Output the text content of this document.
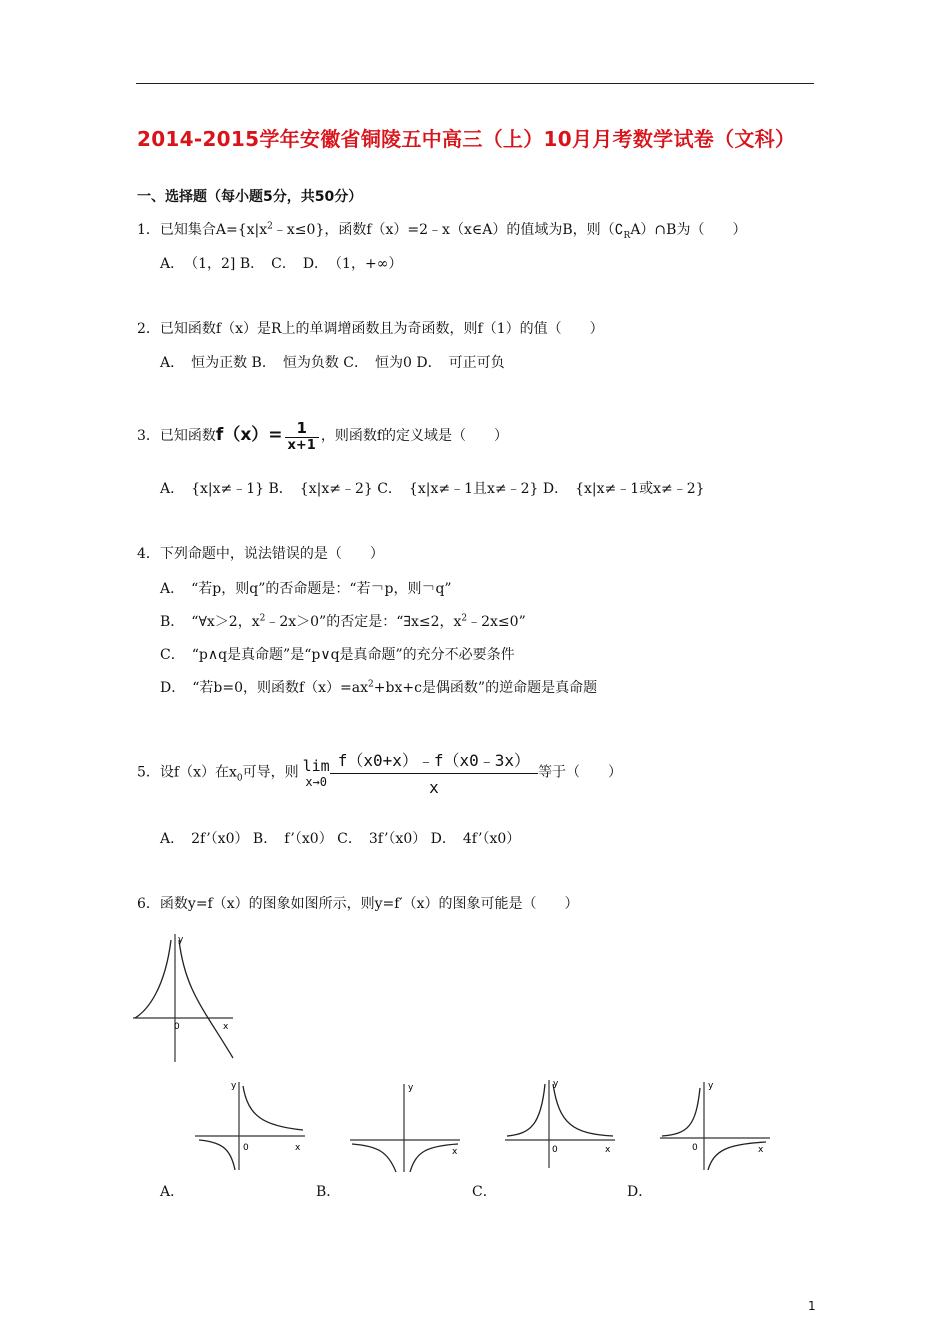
2014-2015学年安徽省铜陵五中高三（上）10月月考数学试卷（文科）
一、选择题（每小题5分，共50分）
1．已知集合$A=\{x|x^2﹣x\le 0\}$，函数f（x）=2﹣x（x∈A）的值域为B，则$(∁_RA)\cap B$为（　　）
A．　（1，2] B．　C．　D．　（1，+∞）
2．已知函数f（x）是R上的单调增函数且为奇函数，则f（1）的值（　　）
A．　恒为正数 B．　恒为负数 C．　恒为0 D．　可正可负
3．已知函数$f(x)= \frac{1}{x+1}$ ，则函数f的定义域是（　　）
A．　{x|x≠﹣1} B．　{x|x≠﹣2} C．　{x|x≠﹣1且x≠﹣2} D．　{x|x≠﹣1或x≠﹣2}
4．下列命题中，说法错误的是（　　）
A．　“若p，则q”的否命题是：“若￢p，则￢q”
B．　“∀x＞2，$x^2﹣2x>0$”的否定是：“∃x≤2，$x^2﹣2x\le 0$”
C．　“p∧q是真命题”是“p∨q是真命题”的充分不必要条件
D．　“若b=0，则函数$f(x)=ax^2+bx+c$是偶函数”的逆命题是真命题
5．设f（x）在$x_0$可导，则 lim
$x\to 0 \frac{f(x0+x)﹣f(x0﹣3x)}{x}$ 等于（　　）
A．　2f’（x0） B．　f’（x0） C．　3f’（x0） D．　4f’（x0）
6．函数y=f（x）的图象如图所示，则y=f′（x）的图象可能是（　　）
y
0	x
y
0	x
y
x
y
0	x
y
0	x
A．	B．	C．	D．
1
